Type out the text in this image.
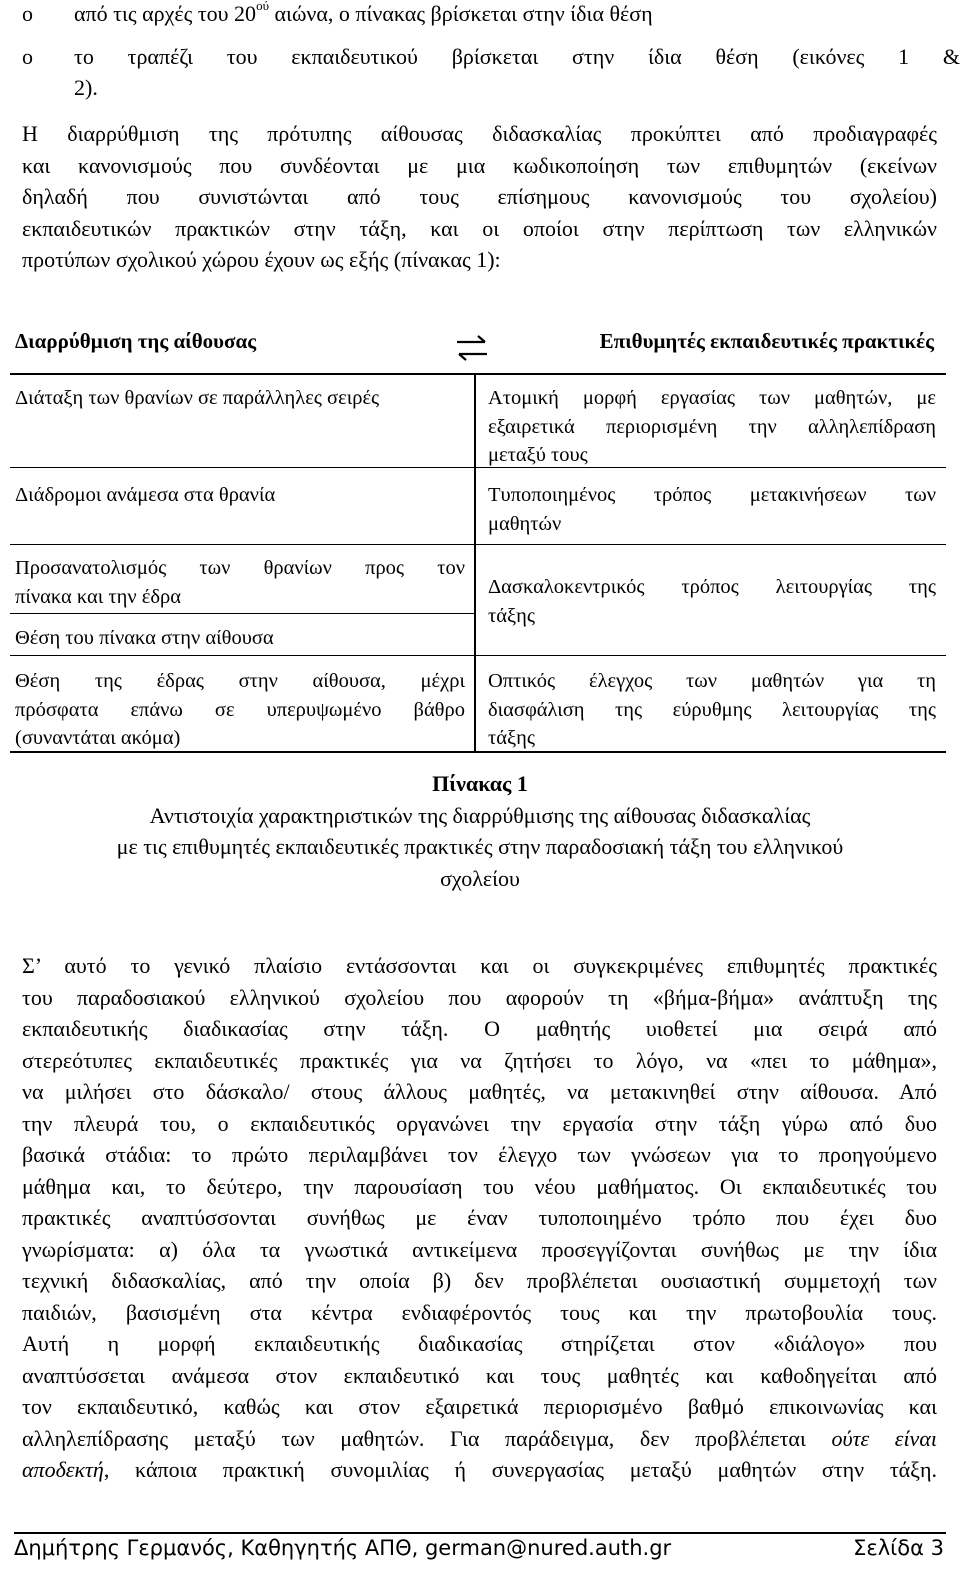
o από τις αρχές του $20^{oύ}$ αιώνα, ο πίνακας βρίσκεται στην ίδια θέση
o το τραπέζι του εκπαιδευτικού βρίσκεται στην ίδια θέση (εικόνες 1 &
2).
Η διαρρύθμιση της πρότυπης αίθουσας διδασκαλίας προκύπτει από προδιαγραφές
και κανονισμούς που συνδέονται με μια κωδικοποίηση των επιθυμητών (εκείνων
δηλαδή που συνιστώνται από τους επίσημους κανονισμούς του σχολείου)
εκπαιδευτικών πρακτικών στην τάξη, και οι οποίοι στην περίπτωση των ελληνικών
προτύπων σχολικού χώρου έχουν ως εξής (πίνακας 1):
Διαρρύθμιση της αίθουσας	Επιθυμητές εκπαιδευτικές πρακτικές
Διάταξη των θρανίων σε παράλληλες σειρές
Διάδρομοι ανάμεσα στα θρανία
Προσανατολισμός των θρανίων προς τον
πίνακα και την έδρα
Θέση του πίνακα στην αίθουσα
Θέση της έδρας στην αίθουσα, μέχρι
πρόσφατα επάνω σε υπερυψωμένο βάθρο
(συναντάται ακόμα)
Ατομική μορφή εργασίας των μαθητών, με
εξαιρετικά περιορισμένη την αλληλεπίδραση
μεταξύ τους
Τυποποιημένος τρόπος μετακινήσεων των
μαθητών
Δασκαλοκεντρικός τρόπος λειτουργίας της
τάξης
Οπτικός έλεγχος των μαθητών για τη
διασφάλιση της εύρυθμης λειτουργίας της
τάξης
Πίνακας 1
Αντιστοιχία χαρακτηριστικών της διαρρύθμισης της αίθουσας διδασκαλίας
με τις επιθυμητές εκπαιδευτικές πρακτικές στην παραδοσιακή τάξη του ελληνικού
σχολείου
Σ’ αυτό το γενικό πλαίσιο εντάσσονται και οι συγκεκριμένες επιθυμητές πρακτικές
του παραδοσιακού ελληνικού σχολείου που αφορούν τη «βήμα-βήμα» ανάπτυξη της
εκπαιδευτικής διαδικασίας στην τάξη. Ο μαθητής υιοθετεί μια σειρά από
στερεότυπες εκπαιδευτικές πρακτικές για να ζητήσει το λόγο, να «πει το μάθημα»,
να μιλήσει στο δάσκαλο/ στους άλλους μαθητές, να μετακινηθεί στην αίθουσα. Από
την πλευρά του, ο εκπαιδευτικός οργανώνει την εργασία στην τάξη γύρω από δυο
βασικά στάδια: το πρώτο περιλαμβάνει τον έλεγχο των γνώσεων για το προηγούμενο
μάθημα και, το δεύτερο, την παρουσίαση του νέου μαθήματος. Οι εκπαιδευτικές του
πρακτικές αναπτύσσονται συνήθως με έναν τυποποιημένο τρόπο που έχει δυο
γνωρίσματα: α) όλα τα γνωστικά αντικείμενα προσεγγίζονται συνήθως με την ίδια
τεχνική διδασκαλίας, από την οποία β) δεν προβλέπεται ουσιαστική συμμετοχή των
παιδιών, βασισμένη στα κέντρα ενδιαφέροντός τους και την πρωτοβουλία τους.
Αυτή η μορφή εκπαιδευτικής διαδικασίας στηρίζεται στον «διάλογο» που
αναπτύσσεται ανάμεσα στον εκπαιδευτικό και τους μαθητές και καθοδηγείται από
τον εκπαιδευτικό, καθώς και στον εξαιρετικά περιορισμένο βαθμό επικοινωνίας και
αλληλεπίδρασης μεταξύ των μαθητών. Για παράδειγμα, δεν προβλέπεται ούτε είναι
αποδεκτή, κάποια πρακτική συνομιλίας ή συνεργασίας μεταξύ μαθητών στην τάξη.
Δημήτρης Γερμανός, Καθηγητής ΑΠΘ, german@nured.auth.gr	Σελίδα 3
